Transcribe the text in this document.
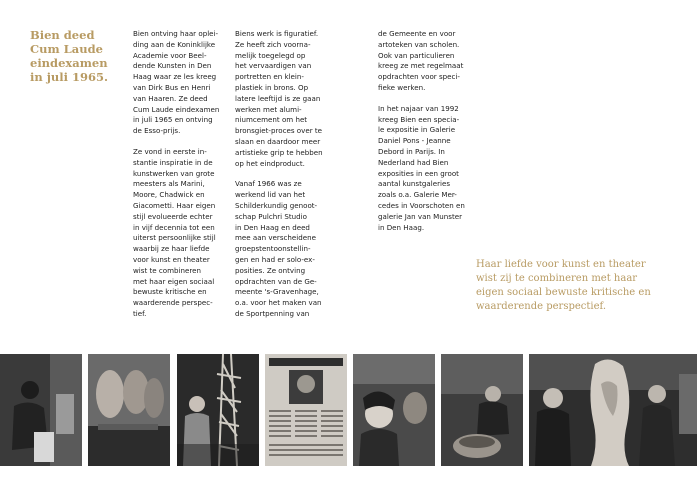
Bien deed Cum Laude eindexamen in juli 1965.

Bien ontving haar oplei-
ding aan de Koninklijke
Academie voor Beel-
dende Kunsten in Den
Haag waar ze les kreeg
van Dirk Bus en Henri
van Haaren. Ze deed
Cum Laude eindexamen
in juli 1965 en ontving
de Esso-prijs.

Ze vond in eerste in-
stantie inspiratie in de
kunstwerken van grote
meesters als Marini,
Moore, Chadwick en
Giacometti. Haar eigen
stijl evolueerde echter
in vijf decennia tot een
uiterst persoonlijke stijl
waarbij ze haar liefde
voor kunst en theater
wist te combineren
met haar eigen sociaal
bewuste kritische en
waarderende perspec-
tief.

Biens werk is figuratief.
Ze heeft zich voorna-
melijk toegelegd op
het vervaardigen van
portretten en klein-
plastiek in brons. Op
latere leeftijd is ze gaan
werken met alumi-
niumcement om het
bronsgiet-proces over te
slaan en daardoor meer
artistieke grip te hebben
op het eindproduct.

Vanaf 1966 was ze
werkend lid van het
Schilderkundig genoot-
schap Pulchri Studio
in Den Haag en deed
mee aan verscheidene
groepstentoonstellin-
gen en had er solo-ex-
posities. Ze ontving
opdrachten van de Ge-
meente 's-Gravenhage,
o.a. voor het maken van
de Sportpenning van

de Gemeente en voor
artoteken van scholen.
Ook van particulieren
kreeg ze met regelmaat
opdrachten voor speci-
fieke werken.

In het najaar van 1992
kreeg Bien een specia-
le expositie in Galerie
Daniel Pons - Jeanne
Debord in Parijs. In
Nederland had Bien
exposities in een groot
aantal kunstgaleries
zoals o.a. Galerie Mer-
cedes in Voorschoten en
galerie Jan van Munster
in Den Haag.

Haar liefde voor kunst en theater
wist zij te combineren met haar
eigen sociaal bewuste kritische en
waarderende perspectief.
